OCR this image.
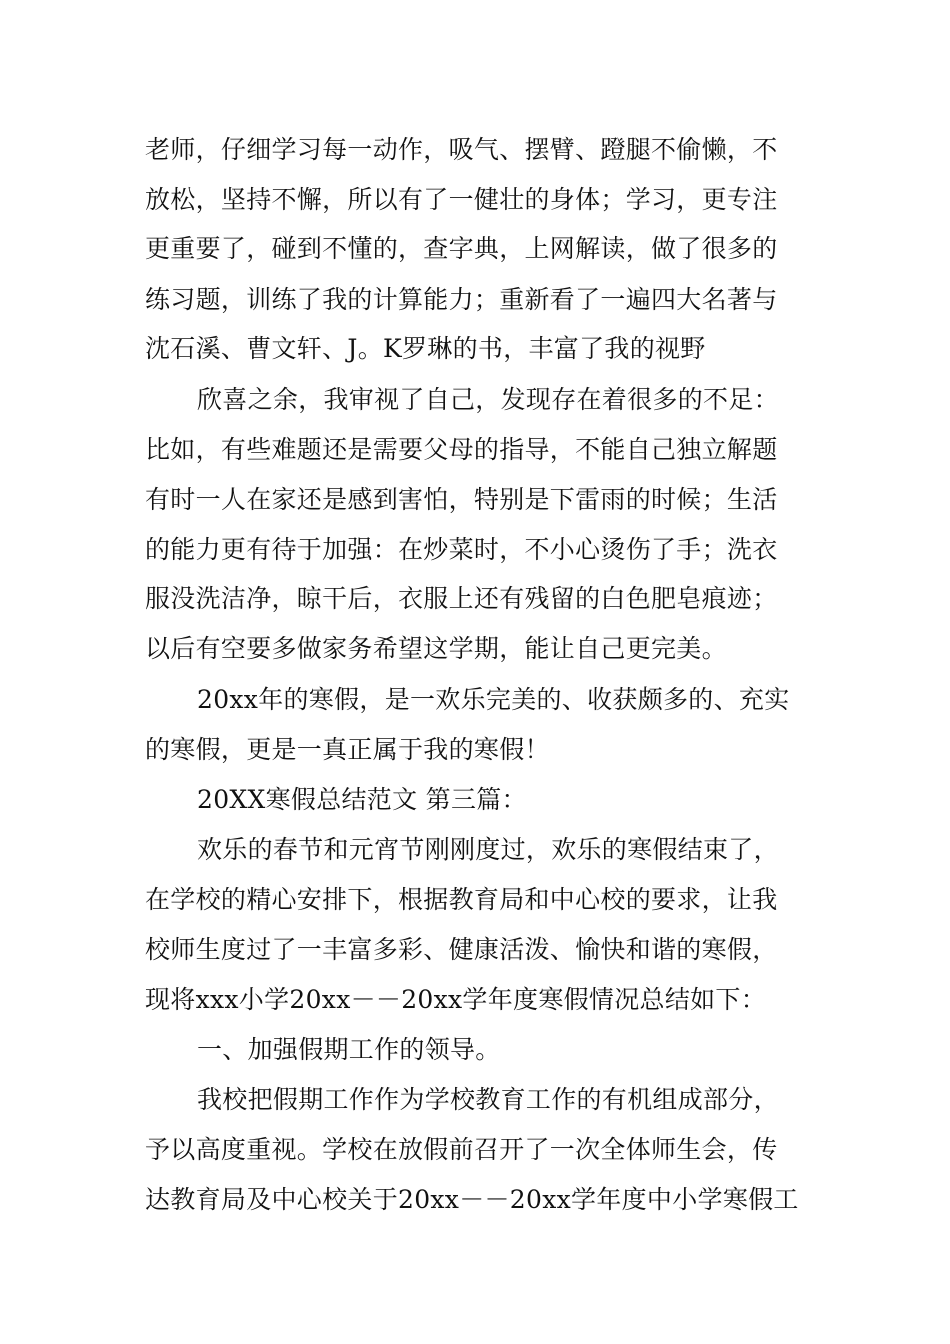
老师，仔细学习每一动作，吸气、摆臂、蹬腿不偷懒，不
放松，坚持不懈，所以有了一健壮的身体；学习，更专注
更重要了，碰到不懂的，查字典，上网解读，做了很多的
练习题，训练了我的计算能力；重新看了一遍四大名著与
沈石溪、曹文轩、J。K罗琳的书，丰富了我的视野
欣喜之余，我审视了自己，发现存在着很多的不足：
比如，有些难题还是需要父母的指导，不能自己独立解题
有时一人在家还是感到害怕，特别是下雷雨的时候；生活
的能力更有待于加强：在炒菜时，不小心烫伤了手；洗衣
服没洗洁净，晾干后，衣服上还有残留的白色肥皂痕迹；
以后有空要多做家务希望这学期，能让自己更完美。
20xx年的寒假，是一欢乐完美的、收获颇多的、充实
的寒假，更是一真正属于我的寒假！
20XX寒假总结范文 第三篇：
欢乐的春节和元宵节刚刚度过，欢乐的寒假结束了，
在学校的精心安排下，根据教育局和中心校的要求，让我
校师生度过了一丰富多彩、健康活泼、愉快和谐的寒假，
现将xxx小学20xx－－20xx学年度寒假情况总结如下：
一、加强假期工作的领导。
我校把假期工作作为学校教育工作的有机组成部分，
予以高度重视。学校在放假前召开了一次全体师生会，传
达教育局及中心校关于20xx－－20xx学年度中小学寒假工
